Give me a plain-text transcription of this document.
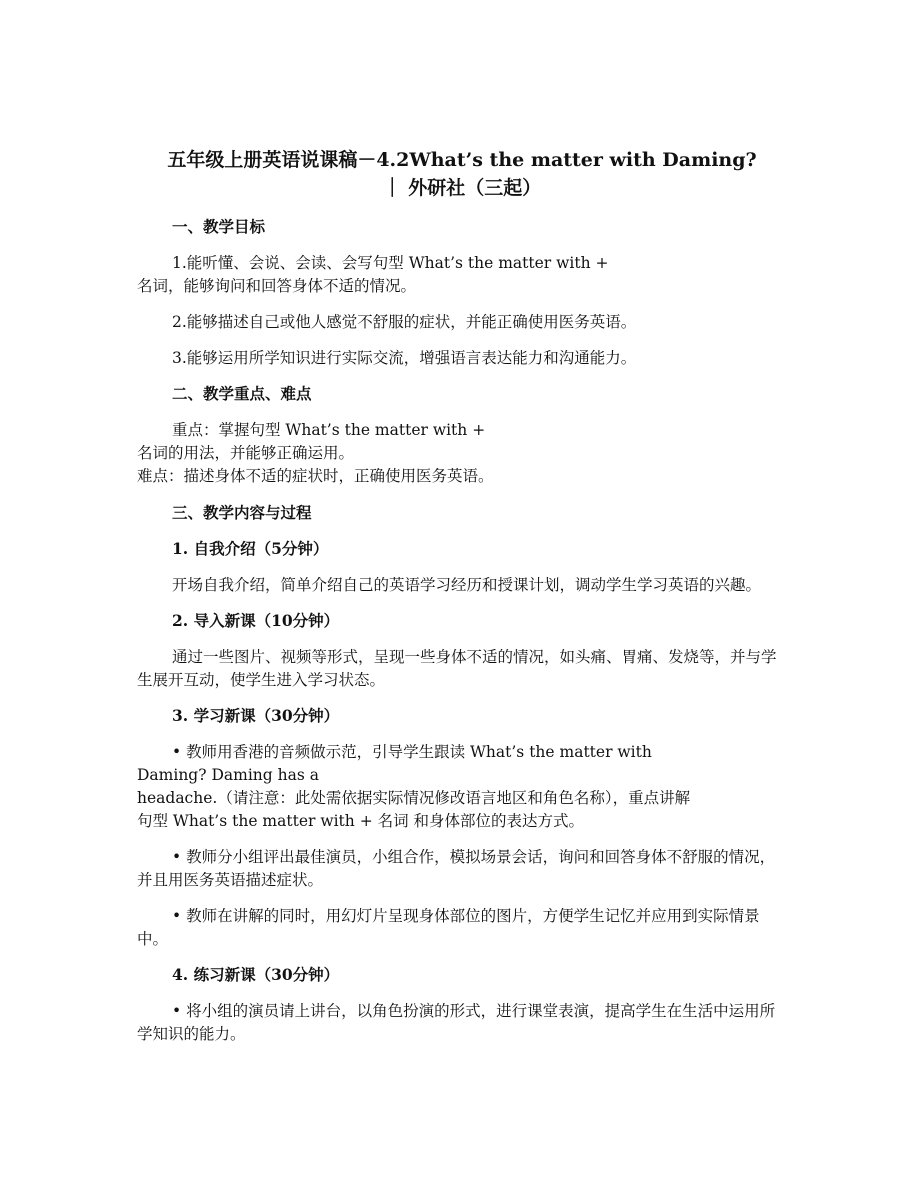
五年级上册英语说课稿－4.2What’s the matter with Daming?
｜ 外研社（三起）
一、教学目标
1.能听懂、会说、会读、会写句型 What’s the matter with +
名词，能够询问和回答身体不适的情况。
2.能够描述自己或他人感觉不舒服的症状，并能正确使用医务英语。
3.能够运用所学知识进行实际交流，增强语言表达能力和沟通能力。
二、教学重点、难点
重点：掌握句型 What’s the matter with +
名词的用法，并能够正确运用。
难点：描述身体不适的症状时，正确使用医务英语。
三、教学内容与过程
1. 自我介绍（5分钟）
开场自我介绍，简单介绍自己的英语学习经历和授课计划，调动学生学习英语的兴趣。
2. 导入新课（10分钟）
通过一些图片、视频等形式，呈现一些身体不适的情况，如头痛、胃痛、发烧等，并与学生展开互动，使学生进入学习状态。
3. 学习新课（30分钟）
• 教师用香港的音频做示范，引导学生跟读 What’s the matter with
Daming? Daming has a
headache.（请注意：此处需依据实际情况修改语言地区和角色名称），重点讲解
句型 What’s the matter with + 名词 和身体部位的表达方式。
• 教师分小组评出最佳演员，小组合作，模拟场景会话，询问和回答身体不舒服的情况，并且用医务英语描述症状。
• 教师在讲解的同时，用幻灯片呈现身体部位的图片，方便学生记忆并应用到实际情景中。
4. 练习新课（30分钟）
• 将小组的演员请上讲台，以角色扮演的形式，进行课堂表演，提高学生在生活中运用所学知识的能力。
